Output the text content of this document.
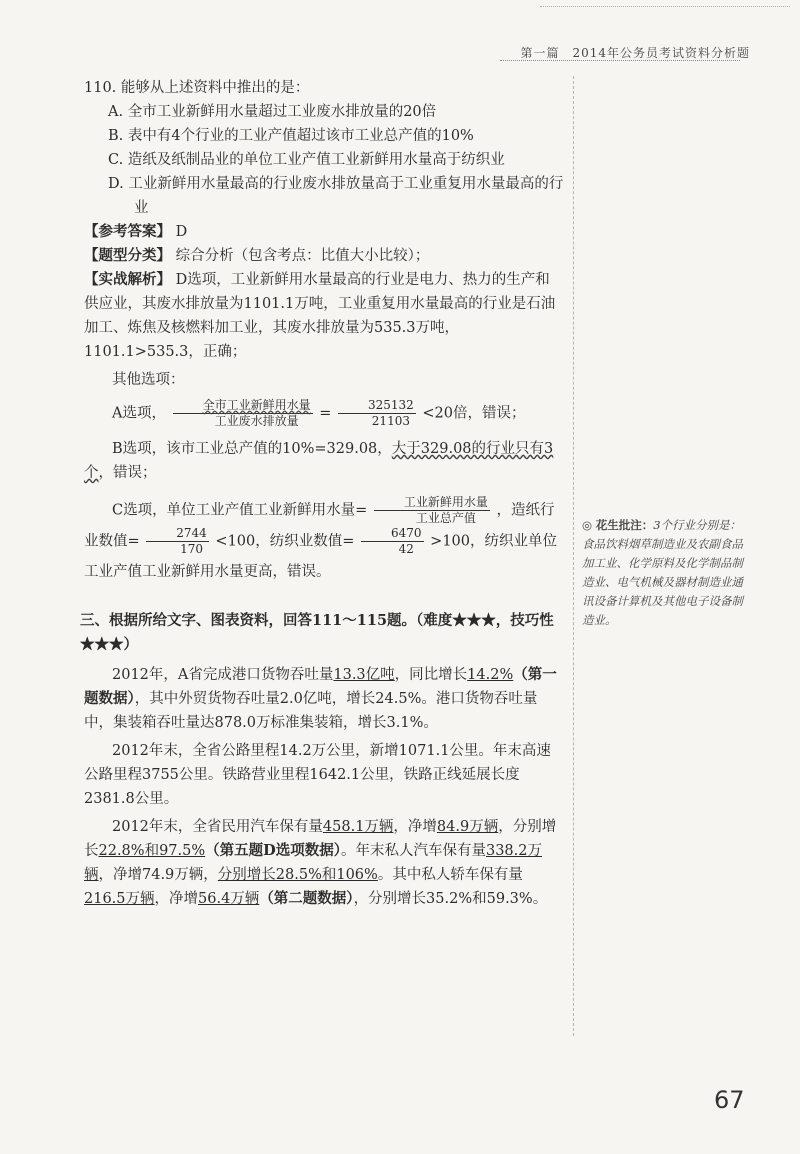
第一篇　2014年公务员考试资料分析题

110. 能够从上述资料中推出的是：

A. 全市工业新鲜用水量超过工业废水排放量的20倍

B. 表中有4个行业的工业产值超过该市工业总产值的10%

C. 造纸及纸制品业的单位工业产值工业新鲜用水量高于纺织业

D. 工业新鲜用水量最高的行业废水排放量高于工业重复用水量最高的行业

【参考答案】 D

【题型分类】 综合分析（包含考点：比值大小比较）；

【实战解析】 D选项，工业新鲜用水量最高的行业是电力、热力的生产和供应业，其废水排放量为1101.1万吨，工业重复用水量最高的行业是石油加工、炼焦及核燃料加工业，其废水排放量为535.3万吨，1101.1>535.3，正确；

其他选项：

A选项， $\frac{\text{全市工业新鲜用水量}}{\text{工业废水排放量}} = \frac{325132}{21103} <20$倍，错误；

B选项，该市工业总产值的10%=329.08，大于329.08的行业只有3个，错误；

C选项，单位工业产值工业新鲜用水量= $\frac{\text{工业新鲜用水量}}{\text{工业总产值}}$ ，造纸行业数值= $\frac{2744}{170} <100$，纺织业数值= $\frac{6470}{42} >100$，纺织业单位工业产值工业新鲜用水量更高，错误。

三、根据所给文字、图表资料，回答111～115题。（难度★★★，技巧性★★★）

2012年，A省完成港口货物吞吐量13.3亿吨，同比增长14.2%（第一题数据），其中外贸货物吞吐量2.0亿吨，增长24.5%。港口货物吞吐量中，集装箱吞吐量达878.0万标准集装箱，增长3.1%。

2012年末，全省公路里程14.2万公里，新增1071.1公里。年末高速公路里程3755公里。铁路营业里程1642.1公里，铁路正线延展长度2381.8公里。

2012年末，全省民用汽车保有量458.1万辆，净增84.9万辆，分别增长22.8%和97.5%（第五题D选项数据）。年末私人汽车保有量338.2万辆，净增74.9万辆，分别增长28.5%和106%。其中私人轿车保有量216.5万辆，净增56.4万辆（第二题数据），分别增长35.2%和59.3%。

◎ 花生批注：3个行业分别是：食品饮料烟草制造业及农副食品加工业、化学原料及化学制品制造业、电气机械及器材制造业通讯设备计算机及其他电子设备制造业。
67
